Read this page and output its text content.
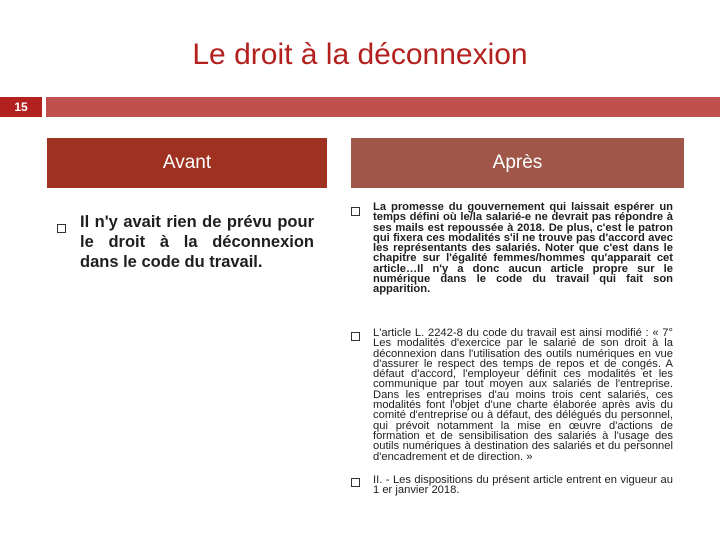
Le droit à la déconnexion
15
Avant	Après
Il n'y avait rien de prévu pour le droit à la déconnexion dans le code du travail.
La promesse du gouvernement qui laissait espérer un temps défini où le/la salarié-e ne devrait pas répondre à ses mails est repoussée à 2018. De plus, c'est le patron qui fixera ces modalités s'il ne trouve pas d'accord avec les représentants des salariés. Noter que c'est dans le chapitre sur l'égalité femmes/hommes qu'apparait cet article…Il n'y a donc aucun article propre sur le numérique dans le code du travail qui fait son apparition.
L'article L. 2242-8 du code du travail est ainsi modifié : « 7° Les modalités d'exercice par le salarié de son droit à la déconnexion dans l'utilisation des outils numériques en vue d'assurer le respect des temps de repos et de congés. A défaut d'accord, l'employeur définit ces modalités et les communique par tout moyen aux salariés de l'entreprise. Dans les entreprises d'au moins trois cent salariés, ces modalités font l'objet d'une charte élaborée après avis du comité d'entreprise ou à défaut, des délégués du personnel, qui prévoit notamment la mise en œuvre d'actions de formation et de sensibilisation des salariés à l'usage des outils numériques à destination des salariés et du personnel d'encadrement et de direction. »
II. - Les dispositions du présent article entrent en vigueur au 1 er janvier 2018.
